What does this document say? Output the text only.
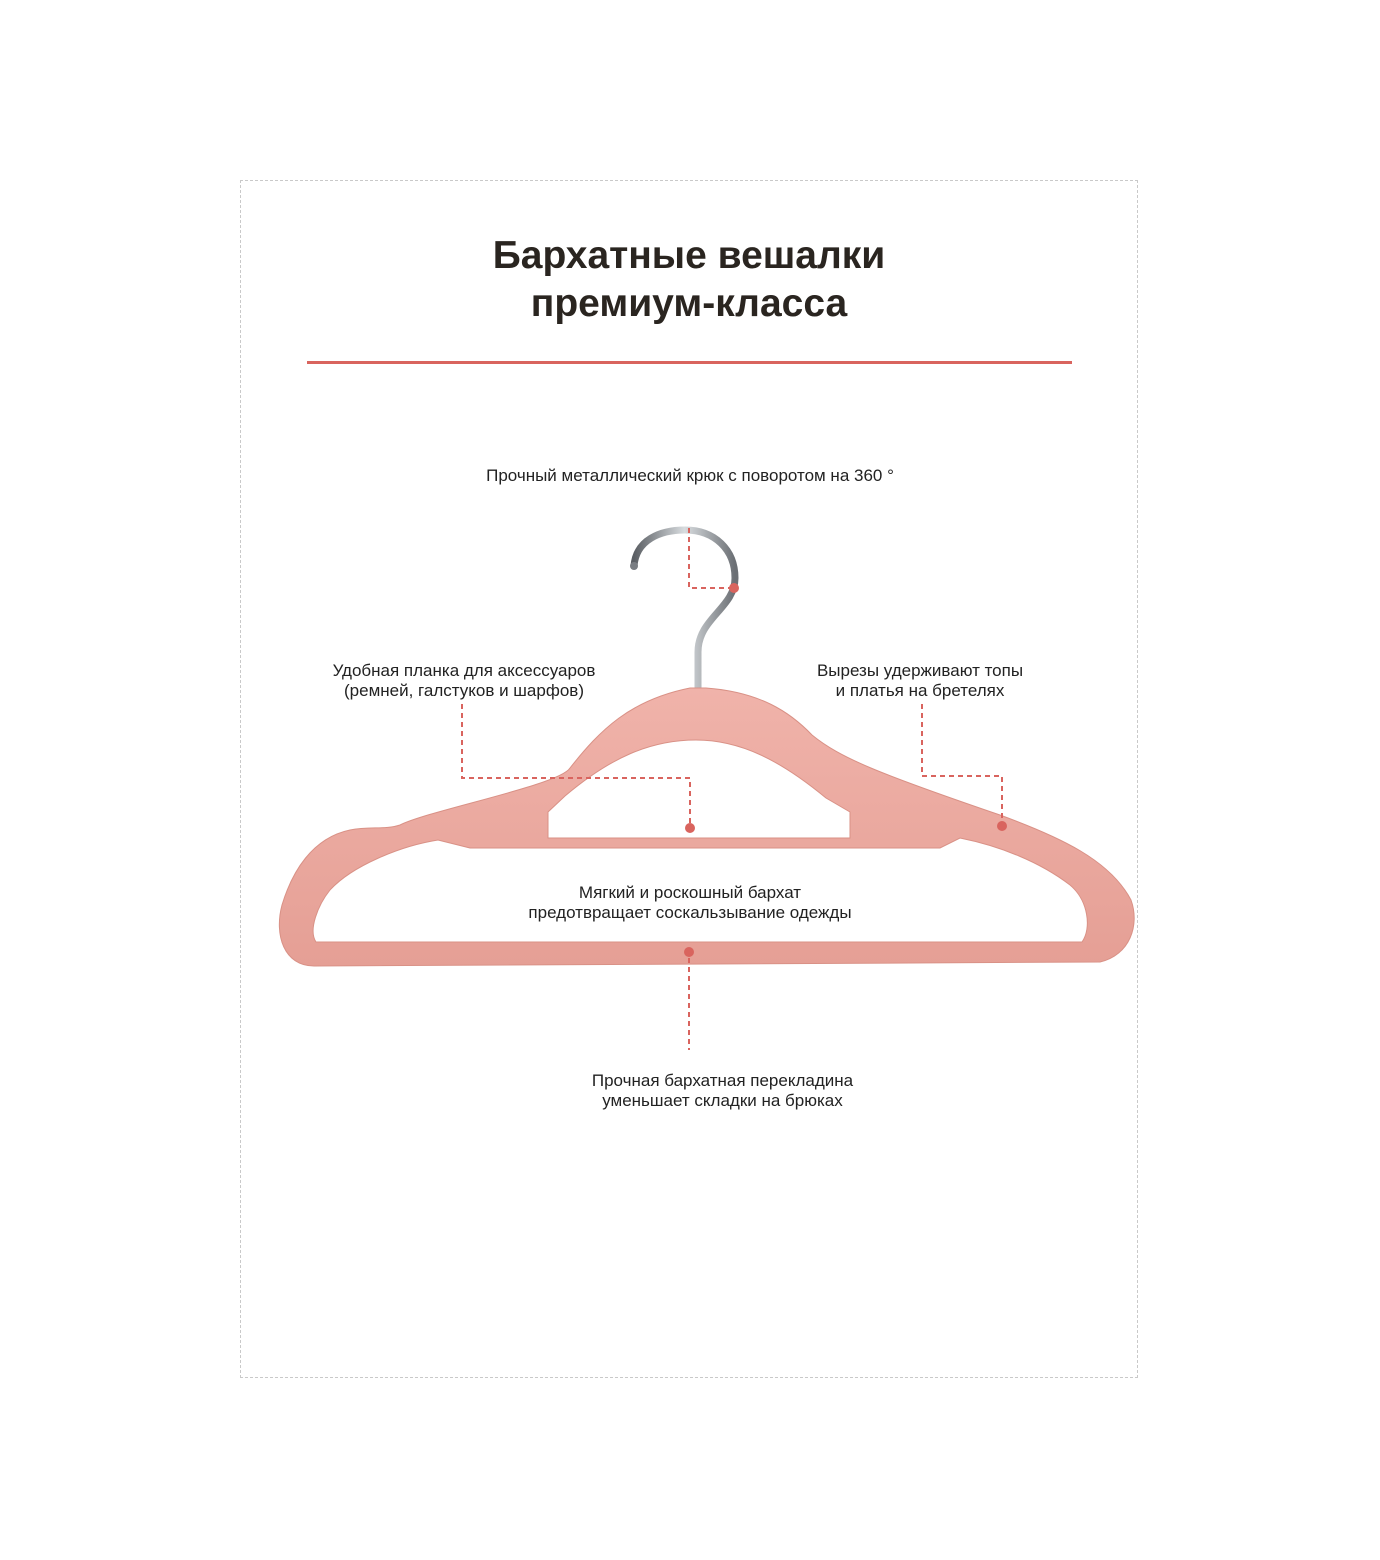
Бархатные вешалки
премиум-класса
Прочный металлический крюк с поворотом на 360 °
Удобная планка для аксессуаров
(ремней, галстуков и шарфов)
Вырезы удерживают топы
и платья на бретелях
Мягкий и роскошный бархат
предотвращает соскальзывание одежды
Прочная бархатная перекладина
уменьшает складки на брюках
